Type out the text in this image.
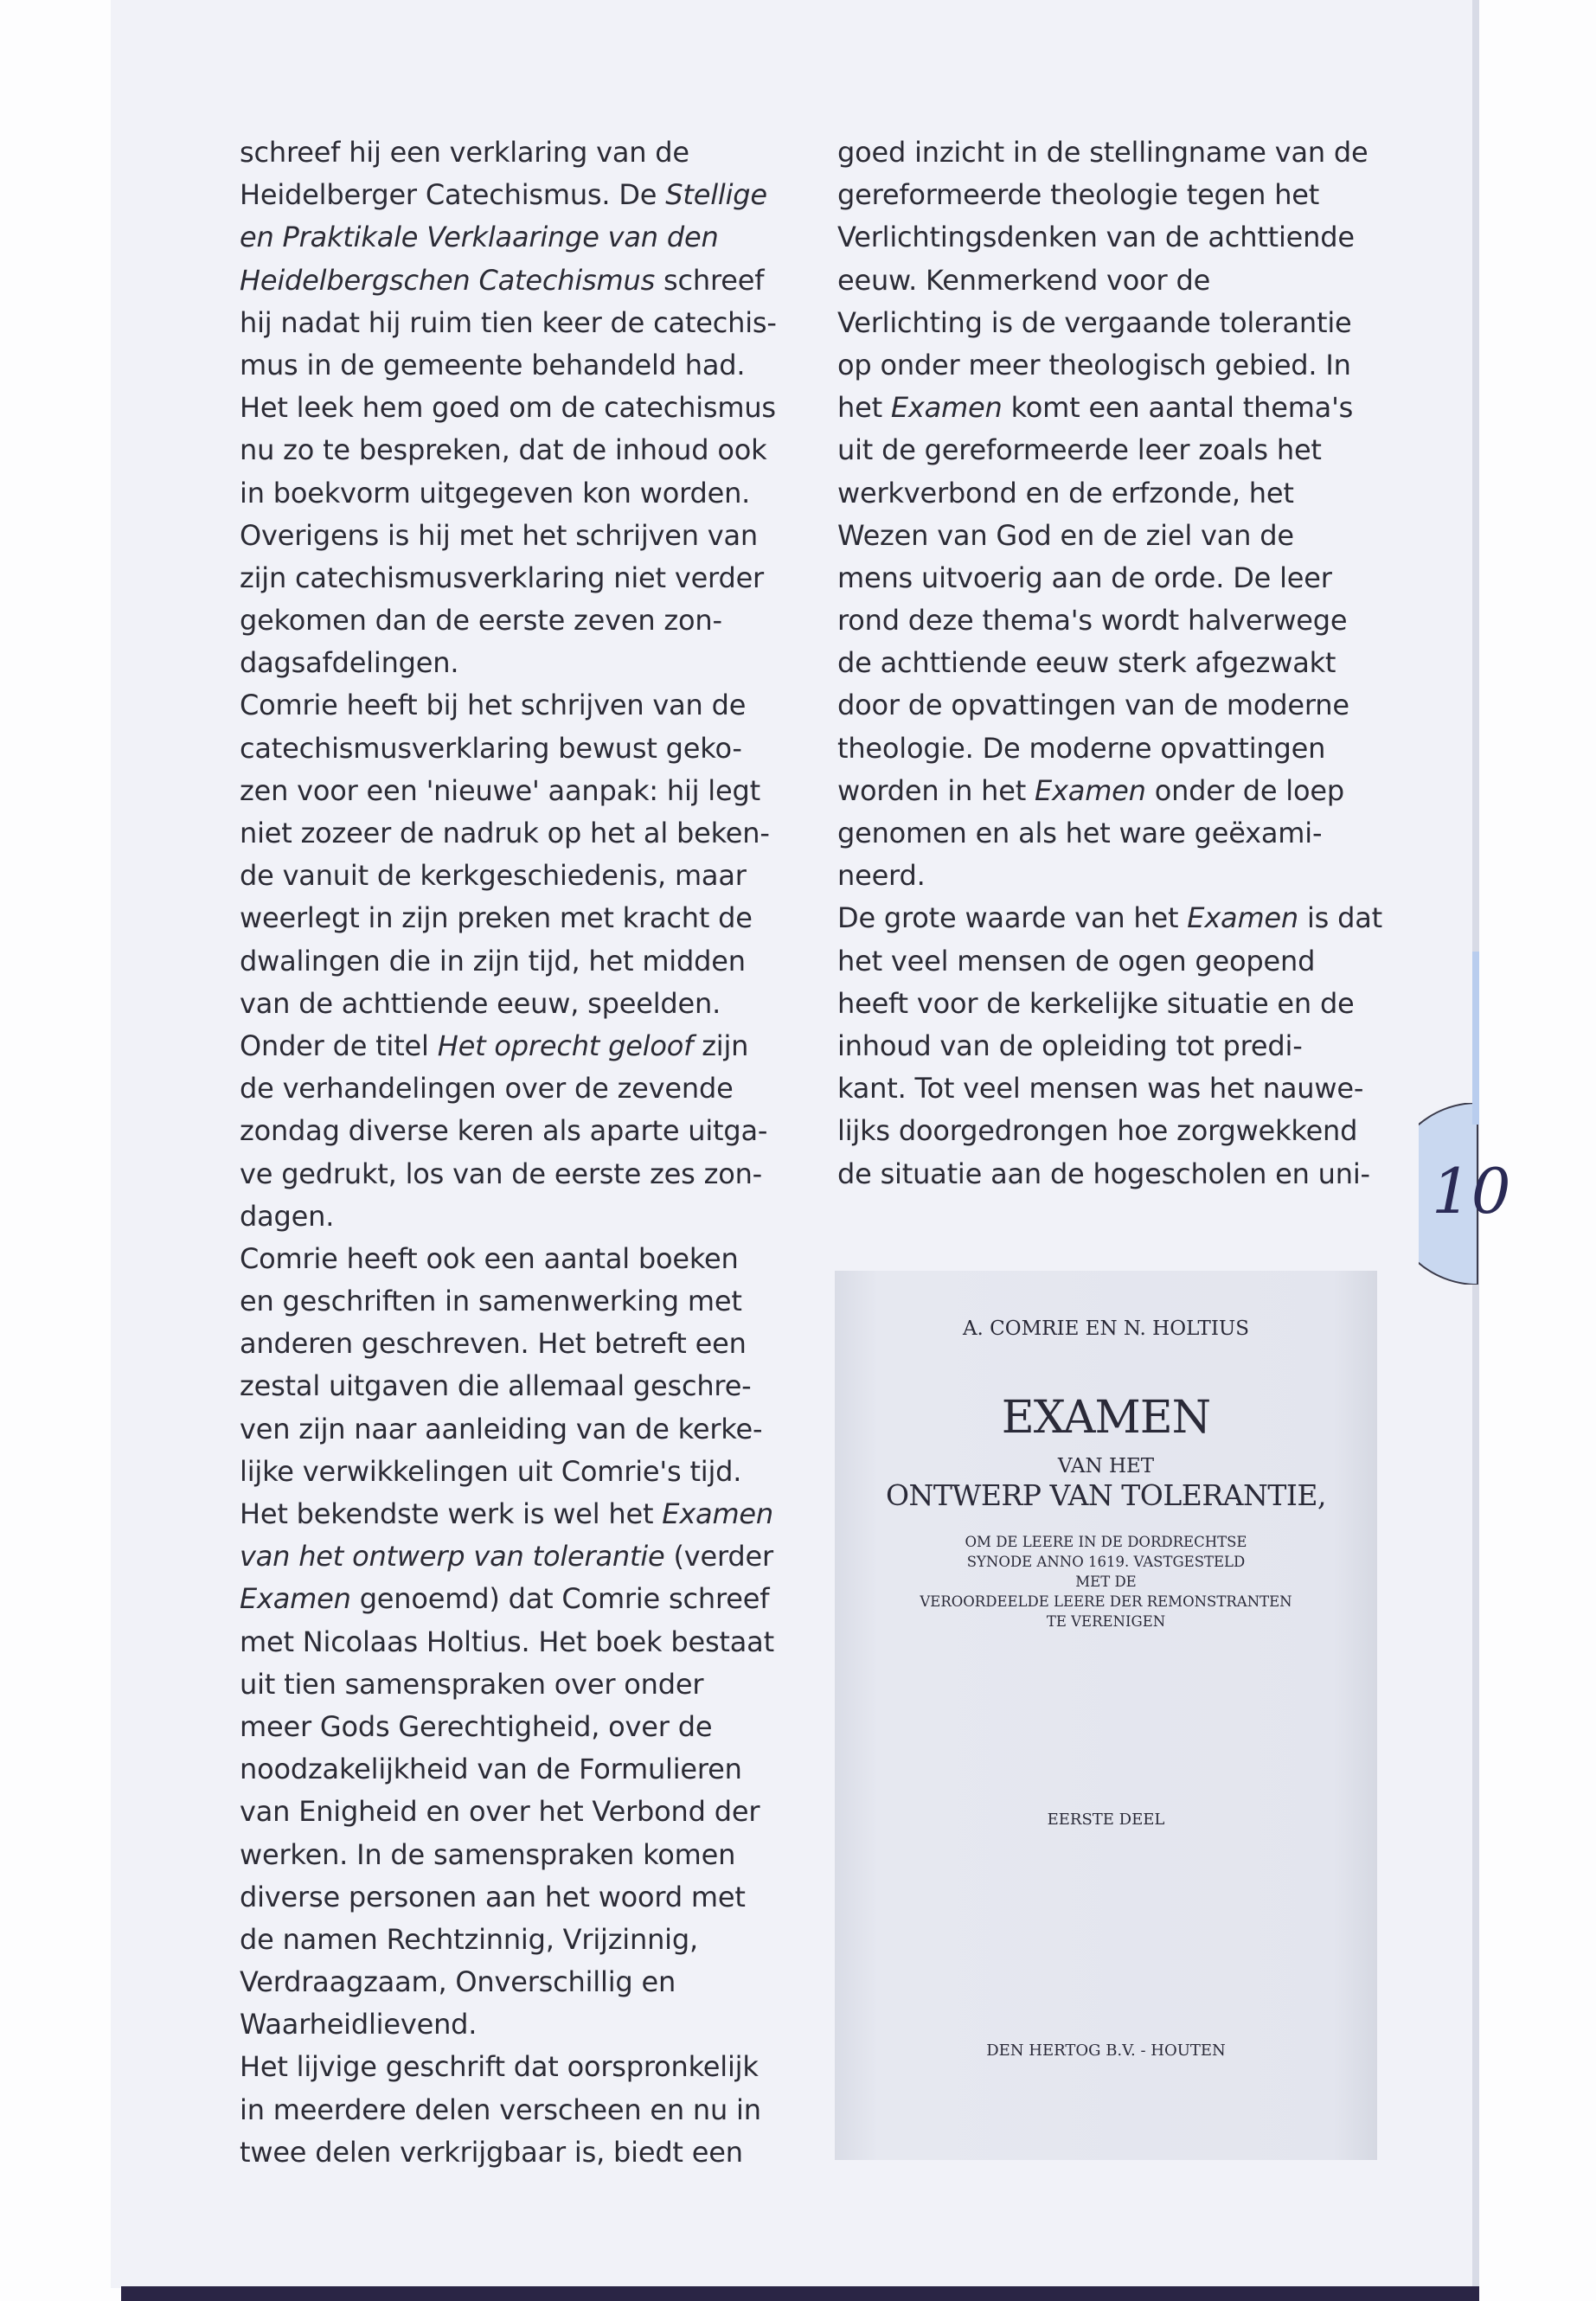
schreef hij een verklaring van de
Heidelberger Catechismus. De Stellige
en Praktikale Verklaaringe van den
Heidelbergschen Catechismus schreef
hij nadat hij ruim tien keer de catechis-
mus in de gemeente behandeld had.
Het leek hem goed om de catechismus
nu zo te bespreken, dat de inhoud ook
in boekvorm uitgegeven kon worden.
Overigens is hij met het schrijven van
zijn catechismusverklaring niet verder
gekomen dan de eerste zeven zon-
dagsafdelingen.
Comrie heeft bij het schrijven van de
catechismusverklaring bewust geko-
zen voor een 'nieuwe' aanpak: hij legt
niet zozeer de nadruk op het al beken-
de vanuit de kerkgeschiedenis, maar
weerlegt in zijn preken met kracht de
dwalingen die in zijn tijd, het midden
van de achttiende eeuw, speelden.
Onder de titel Het oprecht geloof zijn
de verhandelingen over de zevende
zondag diverse keren als aparte uitga-
ve gedrukt, los van de eerste zes zon-
dagen.
Comrie heeft ook een aantal boeken
en geschriften in samenwerking met
anderen geschreven. Het betreft een
zestal uitgaven die allemaal geschre-
ven zijn naar aanleiding van de kerke-
lijke verwikkelingen uit Comrie's tijd.
Het bekendste werk is wel het Examen
van het ontwerp van tolerantie (verder
Examen genoemd) dat Comrie schreef
met Nicolaas Holtius. Het boek bestaat
uit tien samenspraken over onder
meer Gods Gerechtigheid, over de
noodzakelijkheid van de Formulieren
van Enigheid en over het Verbond der
werken. In de samenspraken komen
diverse personen aan het woord met
de namen Rechtzinnig, Vrijzinnig,
Verdraagzaam, Onverschillig en
Waarheidlievend.
Het lijvige geschrift dat oorspronkelijk
in meerdere delen verscheen en nu in
twee delen verkrijgbaar is, biedt een
goed inzicht in de stellingname van de
gereformeerde theologie tegen het
Verlichtingsdenken van de achttiende
eeuw. Kenmerkend voor de
Verlichting is de vergaande tolerantie
op onder meer theologisch gebied. In
het Examen komt een aantal thema's
uit de gereformeerde leer zoals het
werkverbond en de erfzonde, het
Wezen van God en de ziel van de
mens uitvoerig aan de orde. De leer
rond deze thema's wordt halverwege
de achttiende eeuw sterk afgezwakt
door de opvattingen van de moderne
theologie. De moderne opvattingen
worden in het Examen onder de loep
genomen en als het ware geëxami-
neerd.
De grote waarde van het Examen is dat
het veel mensen de ogen geopend
heeft voor de kerkelijke situatie en de
inhoud van de opleiding tot predi-
kant. Tot veel mensen was het nauwe-
lijks doorgedrongen hoe zorgwekkend
de situatie aan de hogescholen en uni-
A. COMRIE EN N. HOLTIUS
EXAMEN
VAN HET
ONTWERP VAN TOLERANTIE,
OM DE LEERE IN DE DORDRECHTSE
SYNODE ANNO 1619. VASTGESTELD
MET DE
VEROORDEELDE LEERE DER REMONSTRANTEN
TE VERENIGEN
EERSTE DEEL
DEN HERTOG B.V. - HOUTEN
10
